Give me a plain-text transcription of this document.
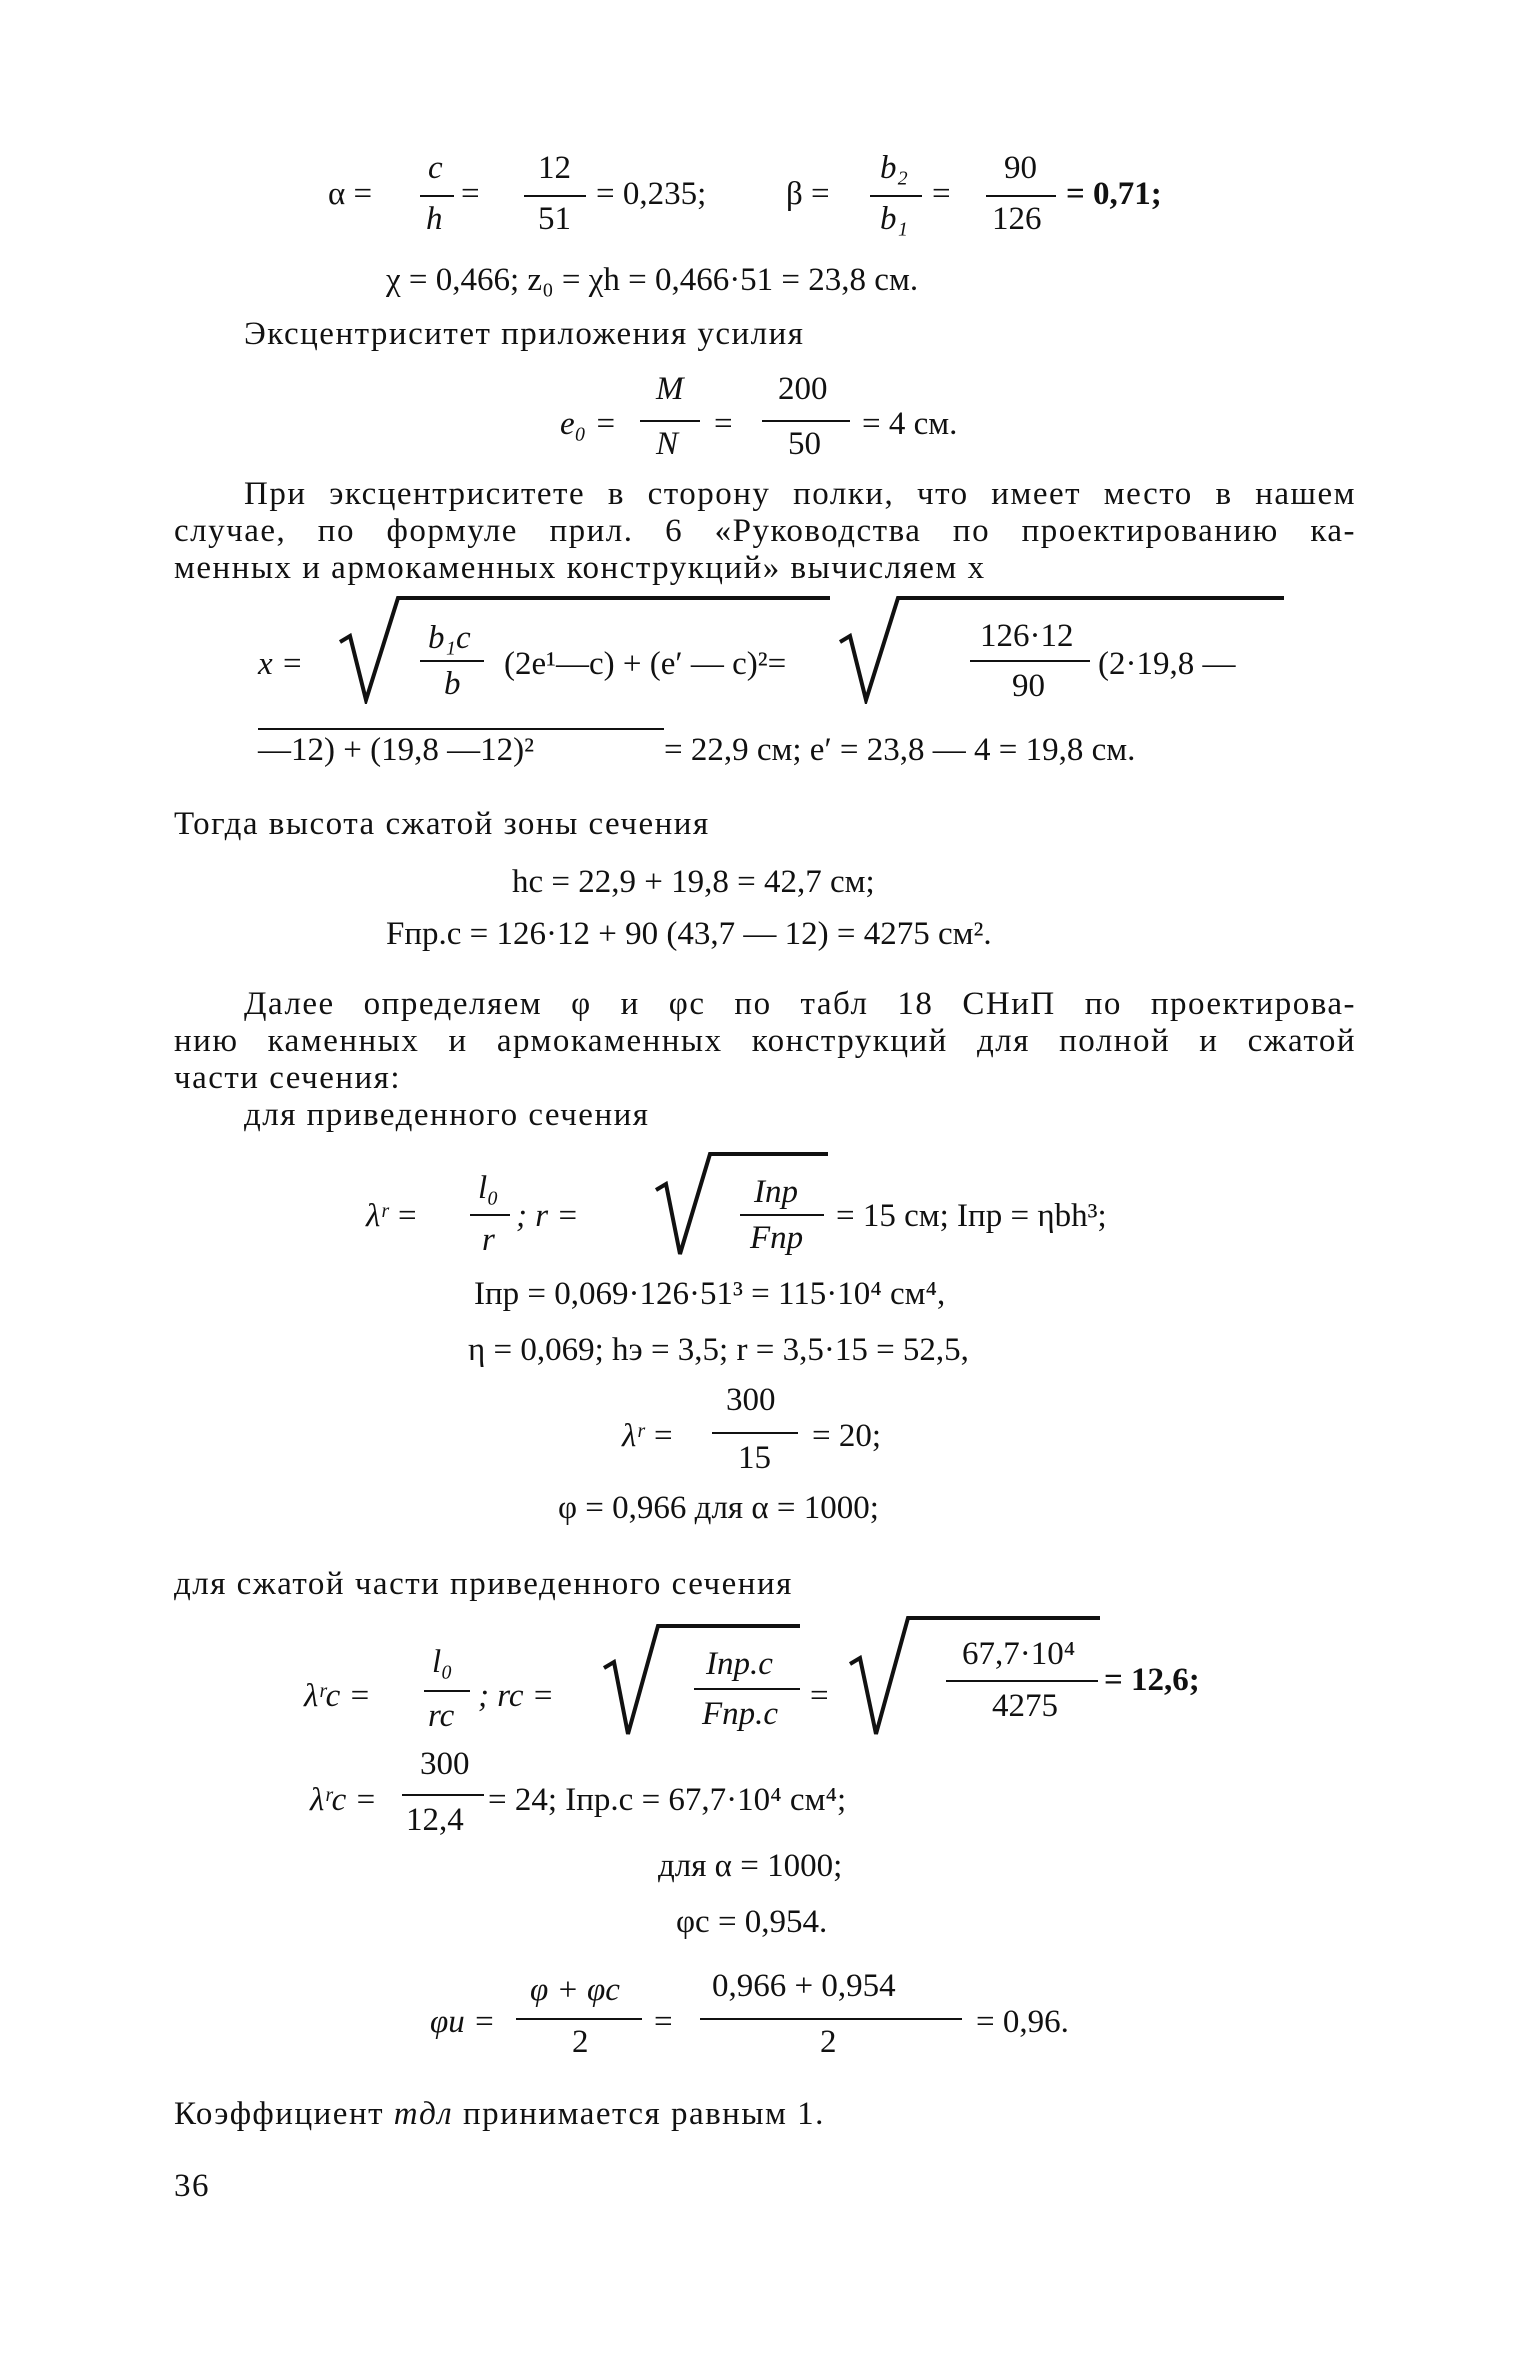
α =
c
h
=
12
51
= 0,235; β =
b₂
b₁
=
90
126
= 0,71;
χ = 0,466; z₀ = χh = 0,466·51 = 23,8 см.
Эксцентриситет приложения усилия
e₀ =
M
N
=
200
50
= 4 см.
При эксцентриситете в сторону полки, что имеет место в нашем
случае, по формуле прил. 6 «Руководства по проектированию ка-
менных и армокаменных конструкций» вычисляем x
x =
b₁c
b
(2e¹—c) + (e′ — c)²=
126·12
90
(2·19,8 —
—12) + (19,8 —12)²	= 22,9 см; e′ = 23,8 — 4 = 19,8 см.
Тогда высота сжатой зоны сечения
hc = 22,9 + 19,8 = 42,7 см;
Fпр.с = 126·12 + 90 (43,7 — 12) = 4275 см².
Далее определяем φ и φc по табл 18 СНиП по проектирова-
нию каменных и армокаменных конструкций для полной и сжатой
части сечения:
для приведенного сечения
λʳ =
l₀
r
; r =
Iпр
Fпр
= 15 см; Iпр = ηbh³;
Iпр = 0,069·126·51³ = 115·10⁴ см⁴,
η = 0,069; hэ = 3,5; r = 3,5·15 = 52,5,
λʳ =
300
15
= 20;
φ = 0,966 для α = 1000;
для сжатой части приведенного сечения
λʳc =
l₀
rc
; rc =
Iпр.с
Fпр.с =
67,7·10⁴
4275
= 12,6;
λʳc =
300
12,4
= 24; Iпр.с = 67,7·10⁴ см⁴;
для α = 1000;
φc = 0,954.
φи =
φ + φc
2
=
0,966 + 0,954
2
= 0,96.
Коэффициент mдл принимается равным 1.
36
